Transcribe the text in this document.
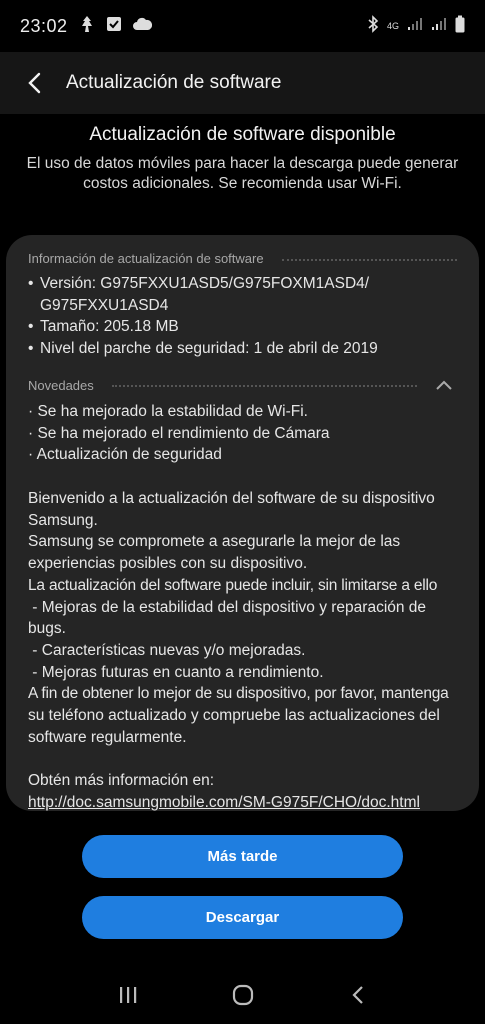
23:02	4G
Actualización de software
Actualización de software disponible
El uso de datos móviles para hacer la descarga puede generar costos adicionales. Se recomienda usar Wi-Fi.
Información de actualización de software
• Versión: G975FXXU1ASD5/G975FOXM1ASD4/ G975FXXU1ASD4
• Tamaño: 205.18 MB
• Nivel del parche de seguridad: 1 de abril de 2019
Novedades
· Se ha mejorado la estabilidad de Wi-Fi.
· Se ha mejorado el rendimiento de Cámara
· Actualización de seguridad
Bienvenido a la actualización del software de su dispositivo
Samsung.
Samsung se compromete a asegurarle la mejor de las
experiencias posibles con su dispositivo.
La actualización del software puede incluir, sin limitarse a ello
- Mejoras de la estabilidad del dispositivo y reparación de
bugs.
- Características nuevas y/o mejoradas.
- Mejoras futuras en cuanto a rendimiento.
A fin de obtener lo mejor de su dispositivo, por favor, mantenga
su teléfono actualizado y compruebe las actualizaciones del
software regularmente.
Obtén más información en:
http://doc.samsungmobile.com/SM-G975F/CHO/doc.html
Más tarde
Descargar
